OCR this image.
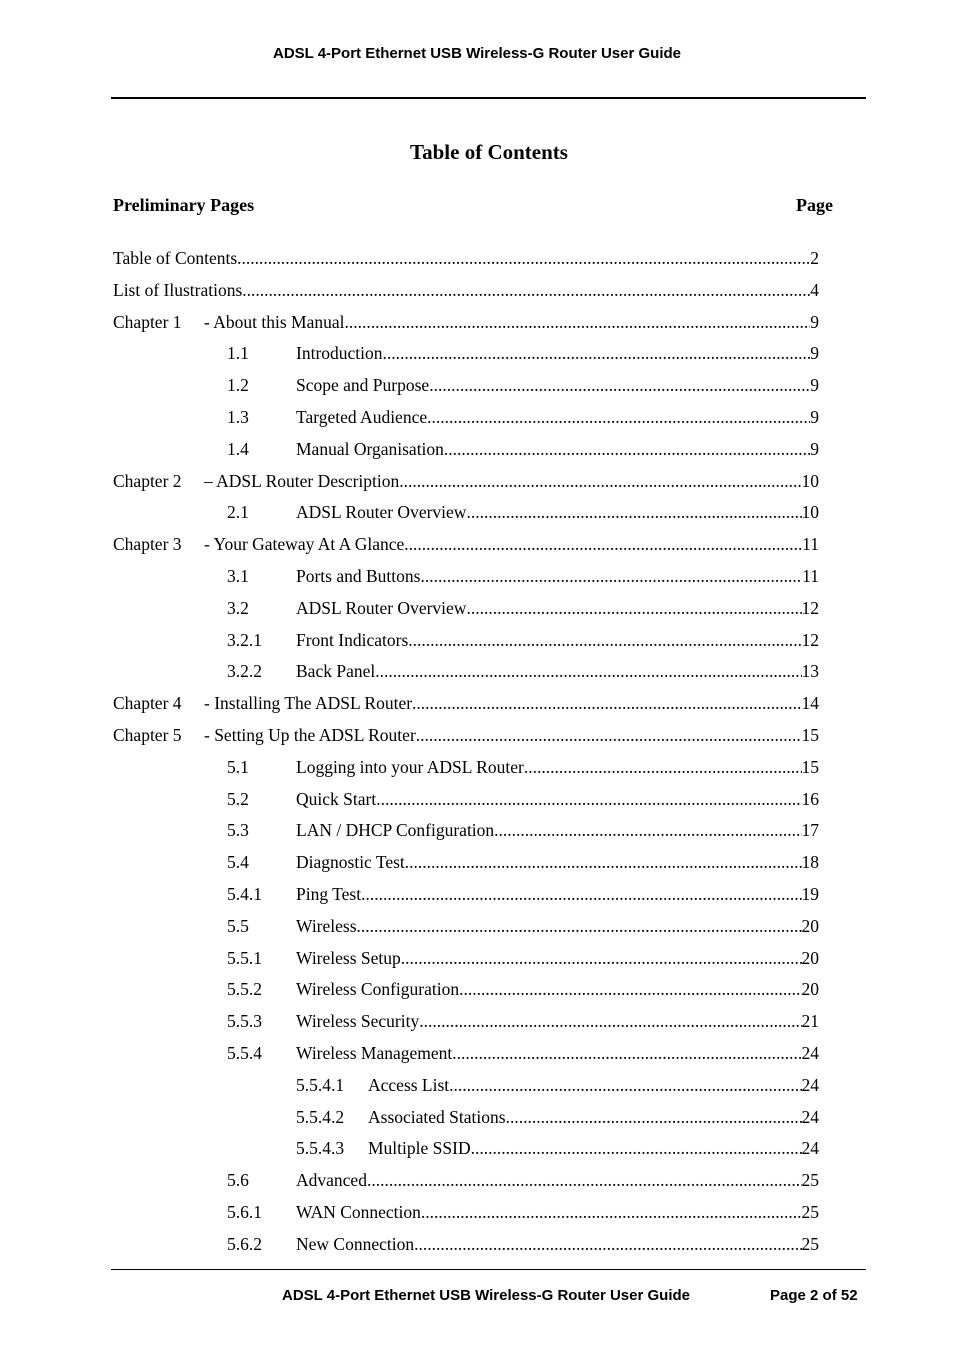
ADSL 4-Port Ethernet USB Wireless-G Router User Guide
Table of Contents
Preliminary Pages	Page
Table of Contents .....	2
List of Ilustrations .....	4
Chapter 1 - About this Manual .....	9
1.1	Introduction .....	9
1.2	Scope and Purpose .....	9
1.3	Targeted Audience .....	9
1.4	Manual Organisation .....	9
Chapter 2 – ADSL Router Description .....	10
2.1	ADSL Router Overview .....	10
Chapter 3 - Your Gateway At A Glance .....	11
3.1	Ports and Buttons .....	11
3.2	ADSL Router Overview .....	12
3.2.1 Front Indicators .....	12
3.2.2 Back Panel .....	13
Chapter 4 - Installing The ADSL Router .....	14
Chapter 5 - Setting Up the ADSL Router .....	15
5.1	Logging into your ADSL Router .....	15
5.2	Quick Start .....	16
5.3	LAN / DHCP Configuration .....	17
5.4	Diagnostic Test .....	18
5.4.1 Ping Test .....	19
5.5	Wireless .....	20
5.5.1 Wireless Setup .....	20
5.5.2 Wireless Configuration .....	20
5.5.3 Wireless Security .....	21
5.5.4 Wireless Management .....	24
5.5.4.1 Access List .....	24
5.5.4.2 Associated Stations .....	24
5.5.4.3 Multiple SSID .....	24
5.6	Advanced .....	25
5.6.1 WAN Connection .....	25
5.6.2 New Connection .....	25
ADSL 4-Port Ethernet USB Wireless-G Router User Guide	Page 2 of 52
